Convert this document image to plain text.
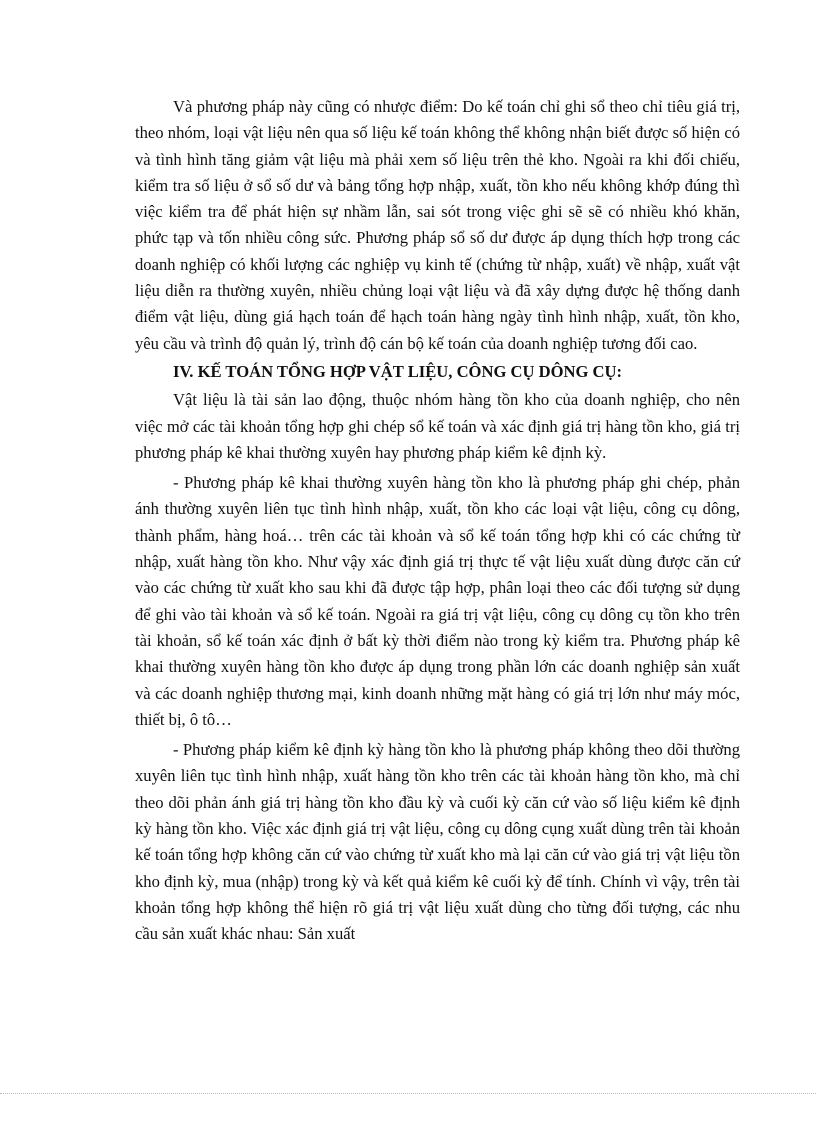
Và phương pháp này cũng có nhược điểm: Do kế toán chỉ ghi sổ theo chỉ tiêu giá trị, theo nhóm, loại vật liệu nên qua số liệu kế toán không thể không nhận biết được số hiện có và tình hình tăng giảm vật liệu mà phải xem số liệu trên thẻ kho. Ngoài ra khi đối chiếu, kiểm tra số liệu ở sổ số dư và bảng tổng hợp nhập, xuất, tồn kho nếu không khớp đúng thì việc kiểm tra để phát hiện sự nhầm lẫn, sai sót trong việc ghi sẽ sẽ có nhiều khó khăn, phức tạp và tốn nhiều công sức. Phương pháp sổ số dư được áp dụng thích hợp trong các doanh nghiệp có khối lượng các nghiệp vụ kinh tế (chứng từ nhập, xuất) về nhập, xuất vật liệu diễn ra thường xuyên, nhiều chủng loại vật liệu và đã xây dựng được hệ thống danh điểm vật liệu, dùng giá hạch toán để hạch toán hàng ngày tình hình nhập, xuất, tồn kho, yêu cầu và trình độ quản lý, trình độ cán bộ kế toán của doanh nghiệp tương đối cao.

IV. KẾ TOÁN TỔNG HỢP VẬT LIỆU, CÔNG CỤ DÔNG CỤ:

Vật liệu là tài sản lao động, thuộc nhóm hàng tồn kho của doanh nghiệp, cho nên việc mở các tài khoản tổng hợp ghi chép sổ kế toán và xác định giá trị hàng tồn kho, giá trị phương pháp kê khai thường xuyên hay phương pháp kiểm kê định kỳ.

- Phương pháp kê khai thường xuyên hàng tồn kho là phương pháp ghi chép, phản ánh thường xuyên liên tục tình hình nhập, xuất, tồn kho các loại vật liệu, công cụ dông, thành phẩm, hàng hoá… trên các tài khoản và sổ kế toán tổng hợp khi có các chứng từ nhập, xuất hàng tồn kho. Như vậy xác định giá trị thực tế vật liệu xuất dùng được căn cứ vào các chứng từ xuất kho sau khi đã được tập hợp, phân loại theo các đối tượng sử dụng để ghi vào tài khoản và sổ kế toán. Ngoài ra giá trị vật liệu, công cụ dông cụ tồn kho trên tài khoản, sổ kế toán xác định ở bất kỳ thời điểm nào trong kỳ kiểm tra. Phương pháp kê khai thường xuyên hàng tồn kho được áp dụng trong phần lớn các doanh nghiệp sản xuất và các doanh nghiệp thương mại, kinh doanh những mặt hàng có giá trị lớn như máy móc, thiết bị, ô tô…

- Phương pháp kiểm kê định kỳ hàng tồn kho là phương pháp không theo dõi thường xuyên liên tục tình hình nhập, xuất hàng tồn kho trên các tài khoản hàng tồn kho, mà chỉ theo dõi phản ánh giá trị hàng tồn kho đầu kỳ và cuối kỳ căn cứ vào số liệu kiểm kê định kỳ hàng tồn kho. Việc xác định giá trị vật liệu, công cụ dông cụng xuất dùng trên tài khoản kế toán tổng hợp không căn cứ vào chứng từ xuất kho mà lại căn cứ vào giá trị vật liệu tồn kho định kỳ, mua (nhập) trong kỳ và kết quả kiểm kê cuối kỳ để tính. Chính vì vậy, trên tài khoản tổng hợp không thể hiện rõ giá trị vật liệu xuất dùng cho từng đối tượng, các nhu cầu sản xuất khác nhau: Sản xuất
